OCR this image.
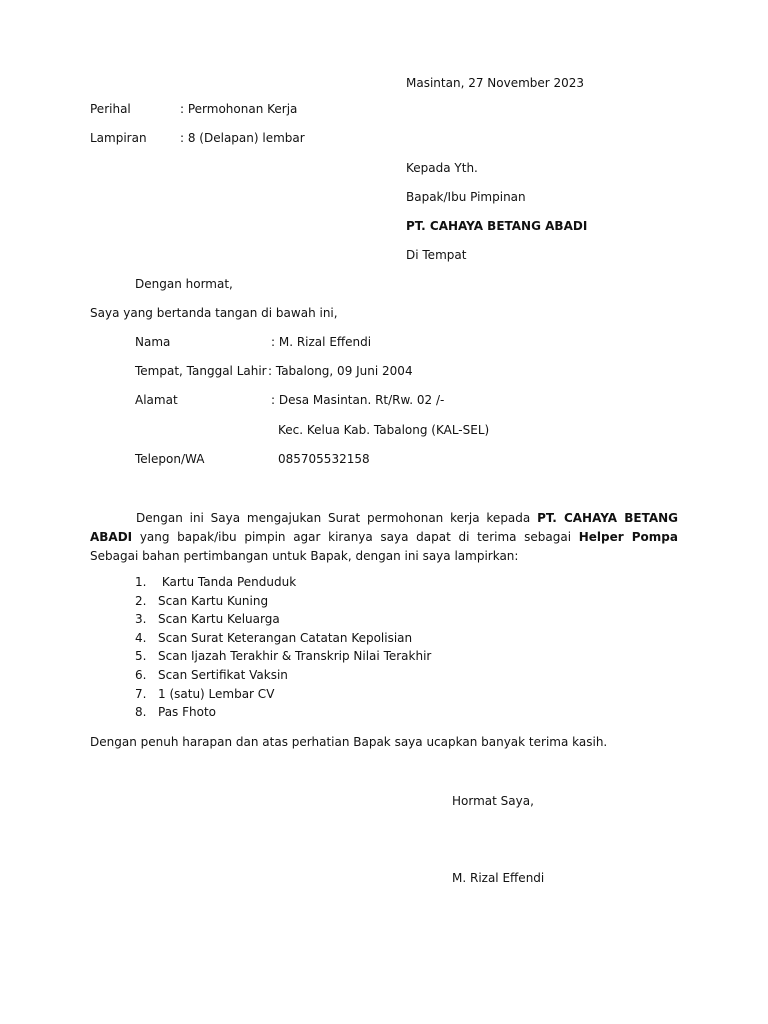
Masintan, 27 November 2023
Perihal	: Permohonan Kerja
Lampiran	: 8 (Delapan) lembar
Kepada Yth.
Bapak/Ibu Pimpinan
PT. CAHAYA BETANG ABADI
Di Tempat
Dengan hormat,
Saya yang bertanda tangan di bawah ini,
Nama	: M. Rizal Effendi
Tempat, Tanggal Lahir : Tabalong, 09 Juni 2004
Alamat	: Desa Masintan. Rt/Rw. 02 /-
Kec. Kelua Kab. Tabalong (KAL-SEL)
Telepon/WA	085705532158
Dengan ini Saya mengajukan Surat permohonan kerja kepada PT. CAHAYA BETANG ABADI yang bapak/ibu pimpin agar kiranya saya dapat di terima sebagai Helper Pompa Sebagai bahan pertimbangan untuk Bapak, dengan ini saya lampirkan:
1. Kartu Tanda Penduduk
2. Scan Kartu Kuning
3. Scan Kartu Keluarga
4. Scan Surat Keterangan Catatan Kepolisian
5. Scan Ijazah Terakhir & Transkrip Nilai Terakhir
6. Scan Sertifikat Vaksin
7. 1 (satu) Lembar CV
8. Pas Fhoto
Dengan penuh harapan dan atas perhatian Bapak saya ucapkan banyak terima kasih.
Hormat Saya,
M. Rizal Effendi
